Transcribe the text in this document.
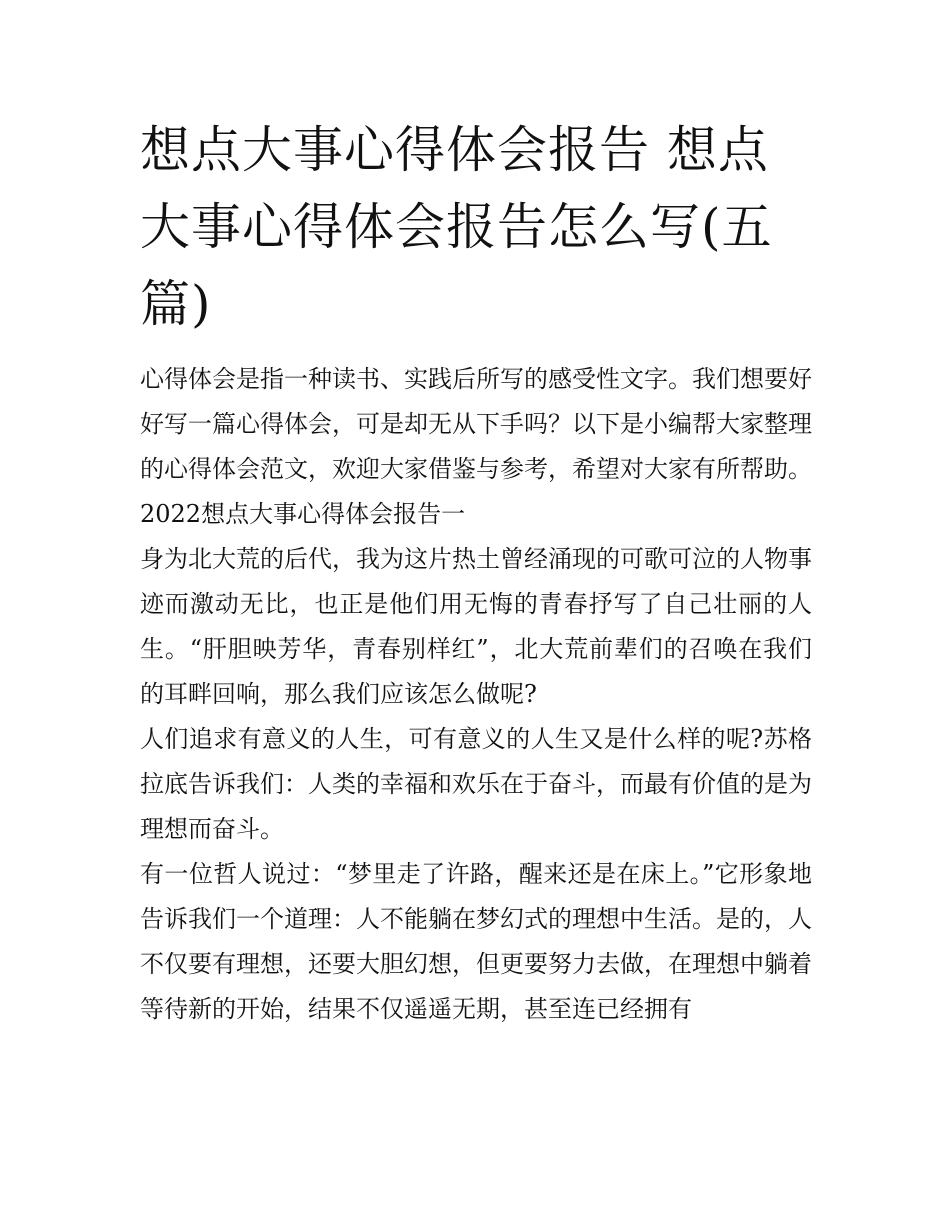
想点大事心得体会报告 想点大事心得体会报告怎么写(五篇)

心得体会是指一种读书、实践后所写的感受性文字。我们想要好好写一篇心得体会，可是却无从下手吗？以下是小编帮大家整理的心得体会范文，欢迎大家借鉴与参考，希望对大家有所帮助。

2022想点大事心得体会报告一

身为北大荒的后代，我为这片热土曾经涌现的可歌可泣的人物事迹而激动无比，也正是他们用无悔的青春抒写了自己壮丽的人生。“肝胆映芳华，青春别样红”，北大荒前辈们的召唤在我们的耳畔回响，那么我们应该怎么做呢?

人们追求有意义的人生，可有意义的人生又是什么样的呢?苏格拉底告诉我们：人类的幸福和欢乐在于奋斗，而最有价值的是为理想而奋斗。

有一位哲人说过：“梦里走了许路，醒来还是在床上。”它形象地告诉我们一个道理：人不能躺在梦幻式的理想中生活。是的，人不仅要有理想，还要大胆幻想，但更要努力去做，在理想中躺着等待新的开始，结果不仅遥遥无期，甚至连已经拥有
